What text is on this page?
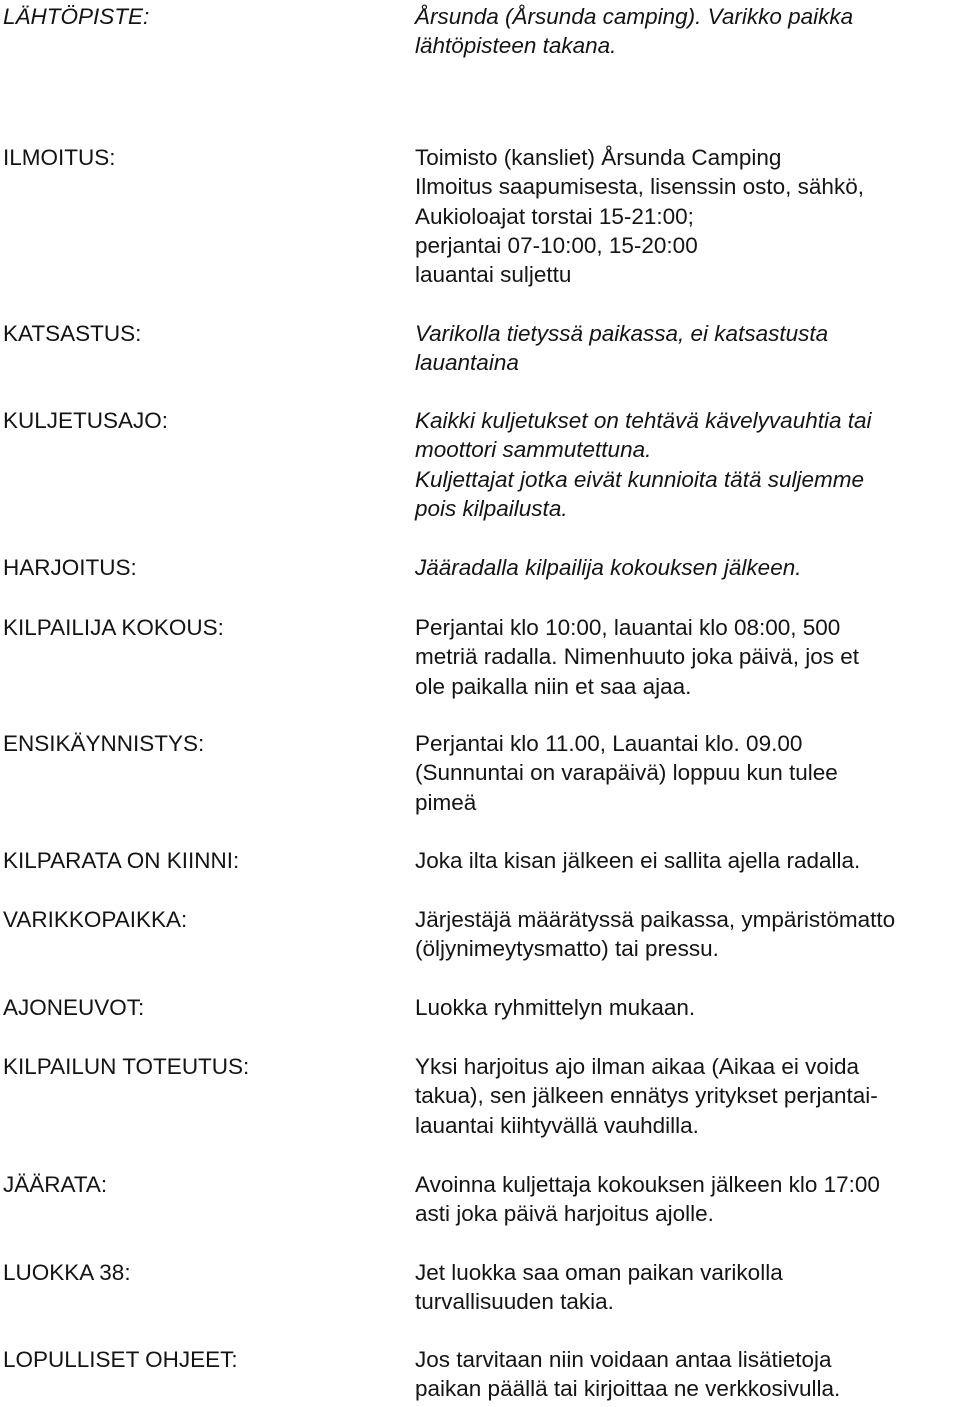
LÄHTÖPISTE:	Årsunda (Årsunda camping). Varikko paikka

lähtöpisteen takana.

ILMOITUS:	Toimisto (kansliet) Årsunda Camping

Ilmoitus saapumisesta, lisenssin osto, sähkö,

Aukioloajat torstai 15-21:00;

perjantai 07-10:00, 15-20:00

lauantai suljettu

KATSASTUS:	Varikolla tietyssä paikassa, ei katsastusta

lauantaina

KULJETUSAJO:	Kaikki kuljetukset on tehtävä kävelyvauhtia tai

moottori sammutettuna.

Kuljettajat jotka eivät kunnioita tätä suljemme

pois kilpailusta.

HARJOITUS:	Jääradalla kilpailija kokouksen jälkeen.

KILPAILIJA KOKOUS:	Perjantai klo 10:00, lauantai klo 08:00, 500

metriä radalla. Nimenhuuto joka päivä, jos et

ole paikalla niin et saa ajaa.

ENSIKÄYNNISTYS:	Perjantai klo 11.00, Lauantai klo. 09.00

(Sunnuntai on varapäivä) loppuu kun tulee

pimeä

KILPARATA ON KIINNI:	Joka ilta kisan jälkeen ei sallita ajella radalla.

VARIKKOPAIKKA:	Järjestäjä määrätyssä paikassa, ympäristömatto

(öljynimeytysmatto) tai pressu.

AJONEUVOT:	Luokka ryhmittelyn mukaan.

KILPAILUN TOTEUTUS:	Yksi harjoitus ajo ilman aikaa (Aikaa ei voida

takua), sen jälkeen ennätys yritykset perjantai-

lauantai kiihtyvällä vauhdilla.

JÄÄRATA:	Avoinna kuljettaja kokouksen jälkeen klo 17:00

asti joka päivä harjoitus ajolle.

LUOKKA 38:	Jet luokka saa oman paikan varikolla

turvallisuuden takia.

LOPULLISET OHJEET:	Jos tarvitaan niin voidaan antaa lisätietoja

paikan päällä tai kirjoittaa ne verkkosivulla.
